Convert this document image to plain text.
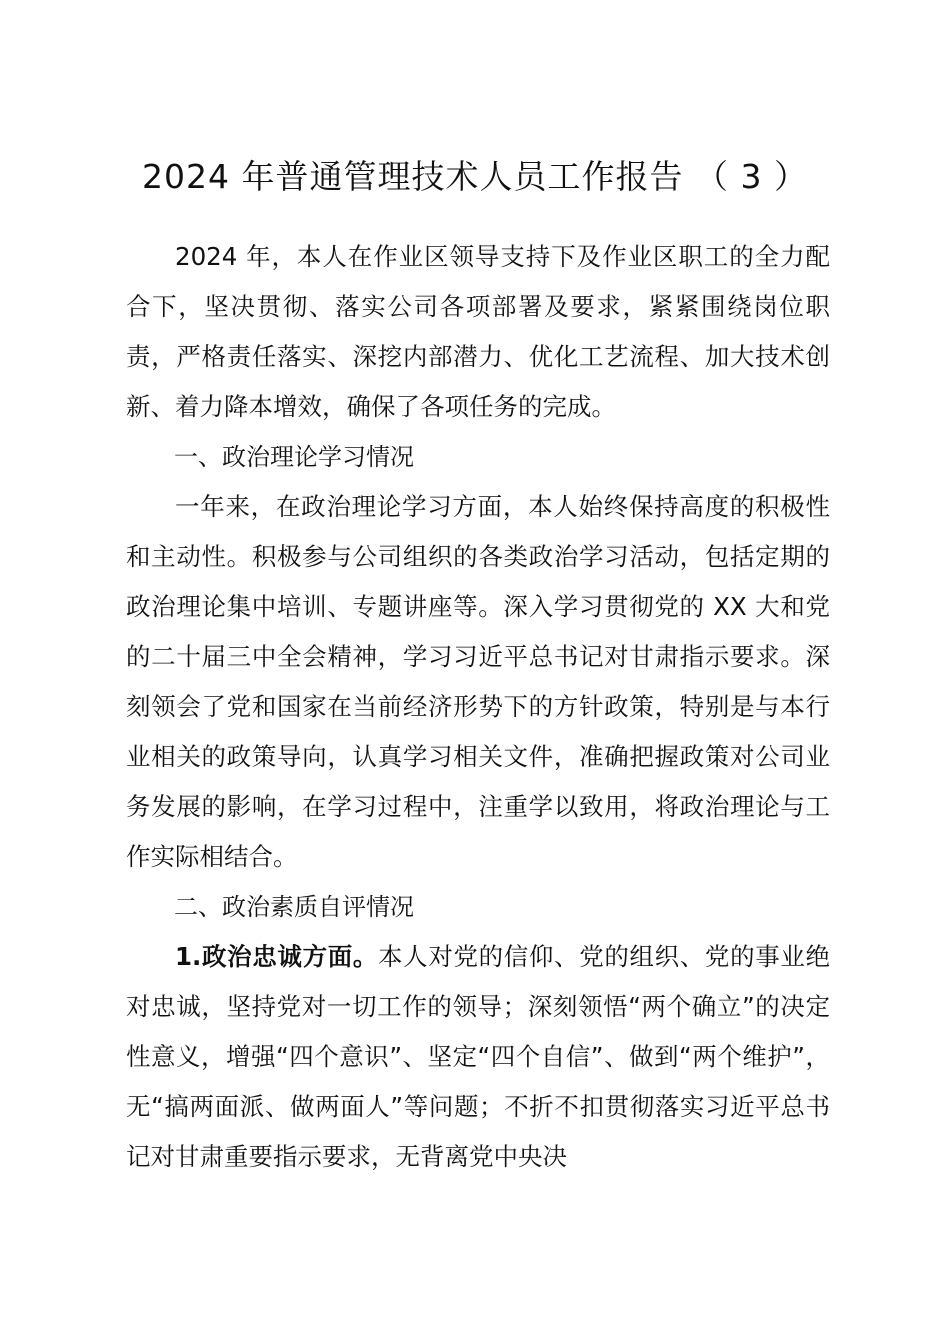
2024 年普通管理技术人员工作报告 （ 3 ）

2024 年，本人在作业区领导支持下及作业区职工的全力配合下，坚决贯彻、落实公司各项部署及要求，紧紧围绕岗位职责，严格责任落实、深挖内部潜力、优化工艺流程、加大技术创新、着力降本增效，确保了各项任务的完成。

一、政治理论学习情况

一年来，在政治理论学习方面，本人始终保持高度的积极性和主动性。积极参与公司组织的各类政治学习活动，包括定期的政治理论集中培训、专题讲座等。深入学习贯彻党的 XX 大和党的二十届三中全会精神，学习习近平总书记对甘肃指示要求。深刻领会了党和国家在当前经济形势下的方针政策，特别是与本行业相关的政策导向，认真学习相关文件，准确把握政策对公司业务发展的影响，在学习过程中，注重学以致用，将政治理论与工作实际相结合。

二、政治素质自评情况

1.政治忠诚方面。本人对党的信仰、党的组织、党的事业绝对忠诚，坚持党对一切工作的领导；深刻领悟“两个确立”的决定性意义，增强“四个意识”、坚定“四个自信”、做到“两个维护”，无“搞两面派、做两面人”等问题；不折不扣贯彻落实习近平总书记对甘肃重要指示要求，无背离党中央决
